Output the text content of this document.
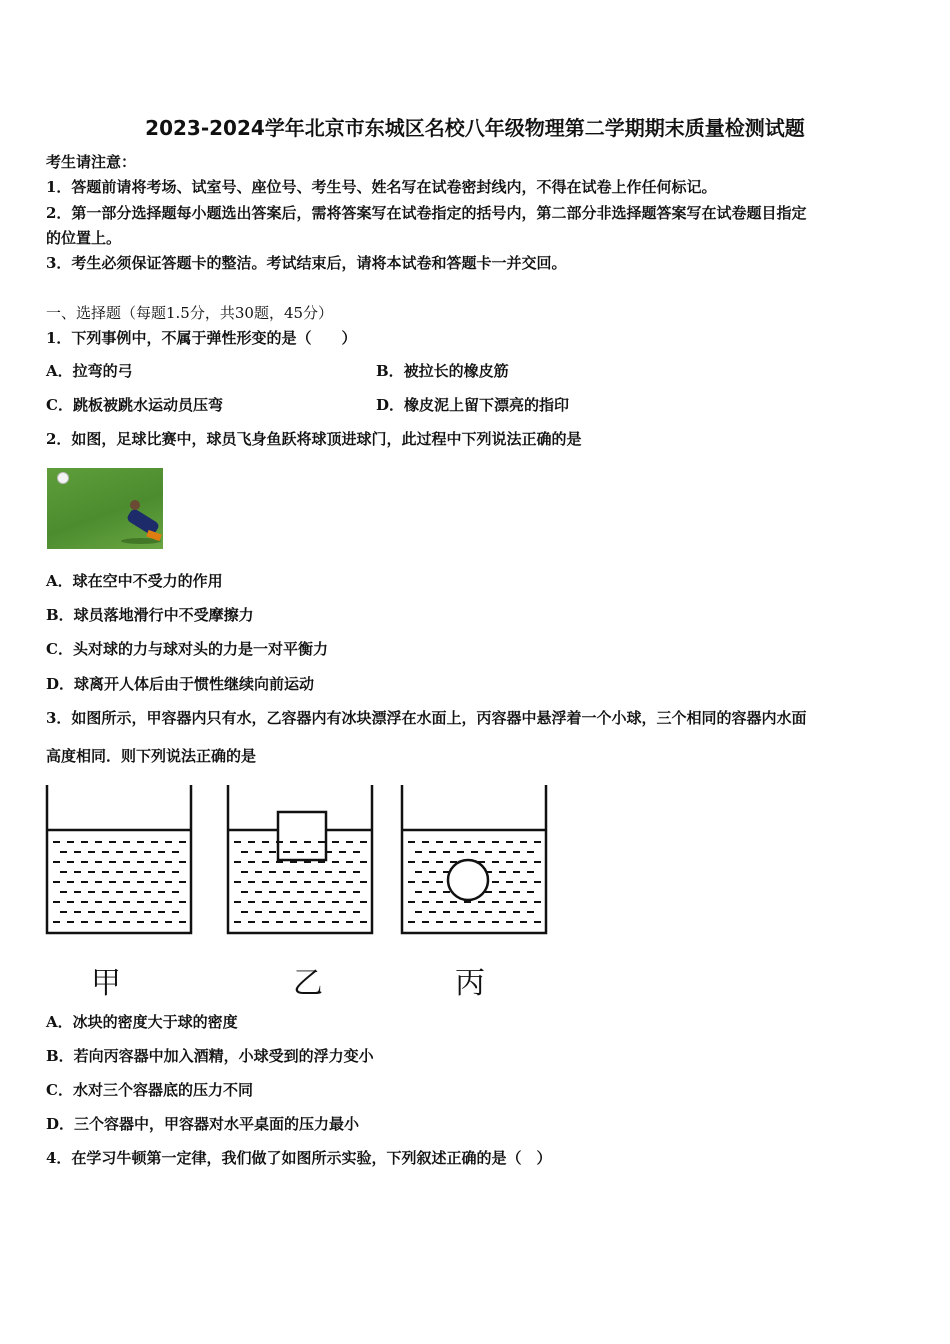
2023-2024学年北京市东城区名校八年级物理第二学期期末质量检测试题
考生请注意：
1．答题前请将考场、试室号、座位号、考生号、姓名写在试卷密封线内，不得在试卷上作任何标记。
2．第一部分选择题每小题选出答案后，需将答案写在试卷指定的括号内，第二部分非选择题答案写在试卷题目指定
的位置上。
3．考生必须保证答题卡的整洁。考试结束后，请将本试卷和答题卡一并交回。
一、选择题（每题1.5分，共30题，45分）
1．下列事例中，不属于弹性形变的是（　　）
A．拉弯的弓	B．被拉长的橡皮筋
C．跳板被跳水运动员压弯	D．橡皮泥上留下漂亮的指印
2．如图，足球比赛中，球员飞身鱼跃将球顶进球门，此过程中下列说法正确的是
A．球在空中不受力的作用
B．球员落地滑行中不受摩擦力
C．头对球的力与球对头的力是一对平衡力
D．球离开人体后由于惯性继续向前运动
3．如图所示，甲容器内只有水，乙容器内有冰块漂浮在水面上，丙容器中悬浮着一个小球，三个相同的容器内水面
高度相同．则下列说法正确的是
甲	乙	丙
A．冰块的密度大于球的密度
B．若向丙容器中加入酒精，小球受到的浮力变小
C．水对三个容器底的压力不同
D．三个容器中，甲容器对水平桌面的压力最小
4．在学习牛顿第一定律，我们做了如图所示实验，下列叙述正确的是（　）
